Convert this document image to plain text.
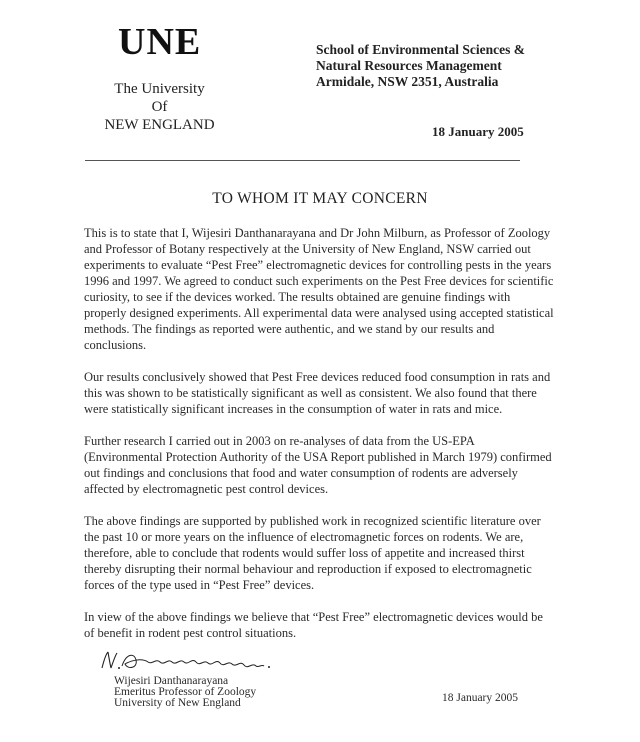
UNE
The University
Of
NEW ENGLAND
School of Environmental Sciences &
Natural Resources Management
Armidale, NSW 2351, Australia
18 January 2005
TO WHOM IT MAY CONCERN

This is to state that I, Wijesiri Danthanarayana and Dr John Milburn, as Professor of Zoology and Professor of Botany respectively at the University of New England, NSW carried out experiments to evaluate “Pest Free” electromagnetic devices for controlling pests in the years 1996 and 1997. We agreed to conduct such experiments on the Pest Free devices for scientific curiosity, to see if the devices worked. The results obtained are genuine findings with properly designed experiments. All experimental data were analysed using accepted statistical methods. The findings as reported were authentic, and we stand by our results and conclusions.

Our results conclusively showed that Pest Free devices reduced food consumption in rats and this was shown to be statistically significant as well as consistent. We also found that there were statistically significant increases in the consumption of water in rats and mice.

Further research I carried out in 2003 on re-analyses of data from the US-EPA (Environmental Protection Authority of the USA Report published in March 1979) confirmed out findings and conclusions that food and water consumption of rodents are adversely affected by electromagnetic pest control devices.

The above findings are supported by published work in recognized scientific literature over the past 10 or more years on the influence of electromagnetic forces on rodents. We are, therefore, able to conclude that rodents would suffer loss of appetite and increased thirst thereby disrupting their normal behaviour and reproduction if exposed to electromagnetic forces of the type used in “Pest Free” devices.

In view of the above findings we believe that “Pest Free” electromagnetic devices would be of benefit in rodent pest control situations.

Wijesiri Danthanarayana
Emeritus Professor of Zoology
University of New England	18 January 2005
